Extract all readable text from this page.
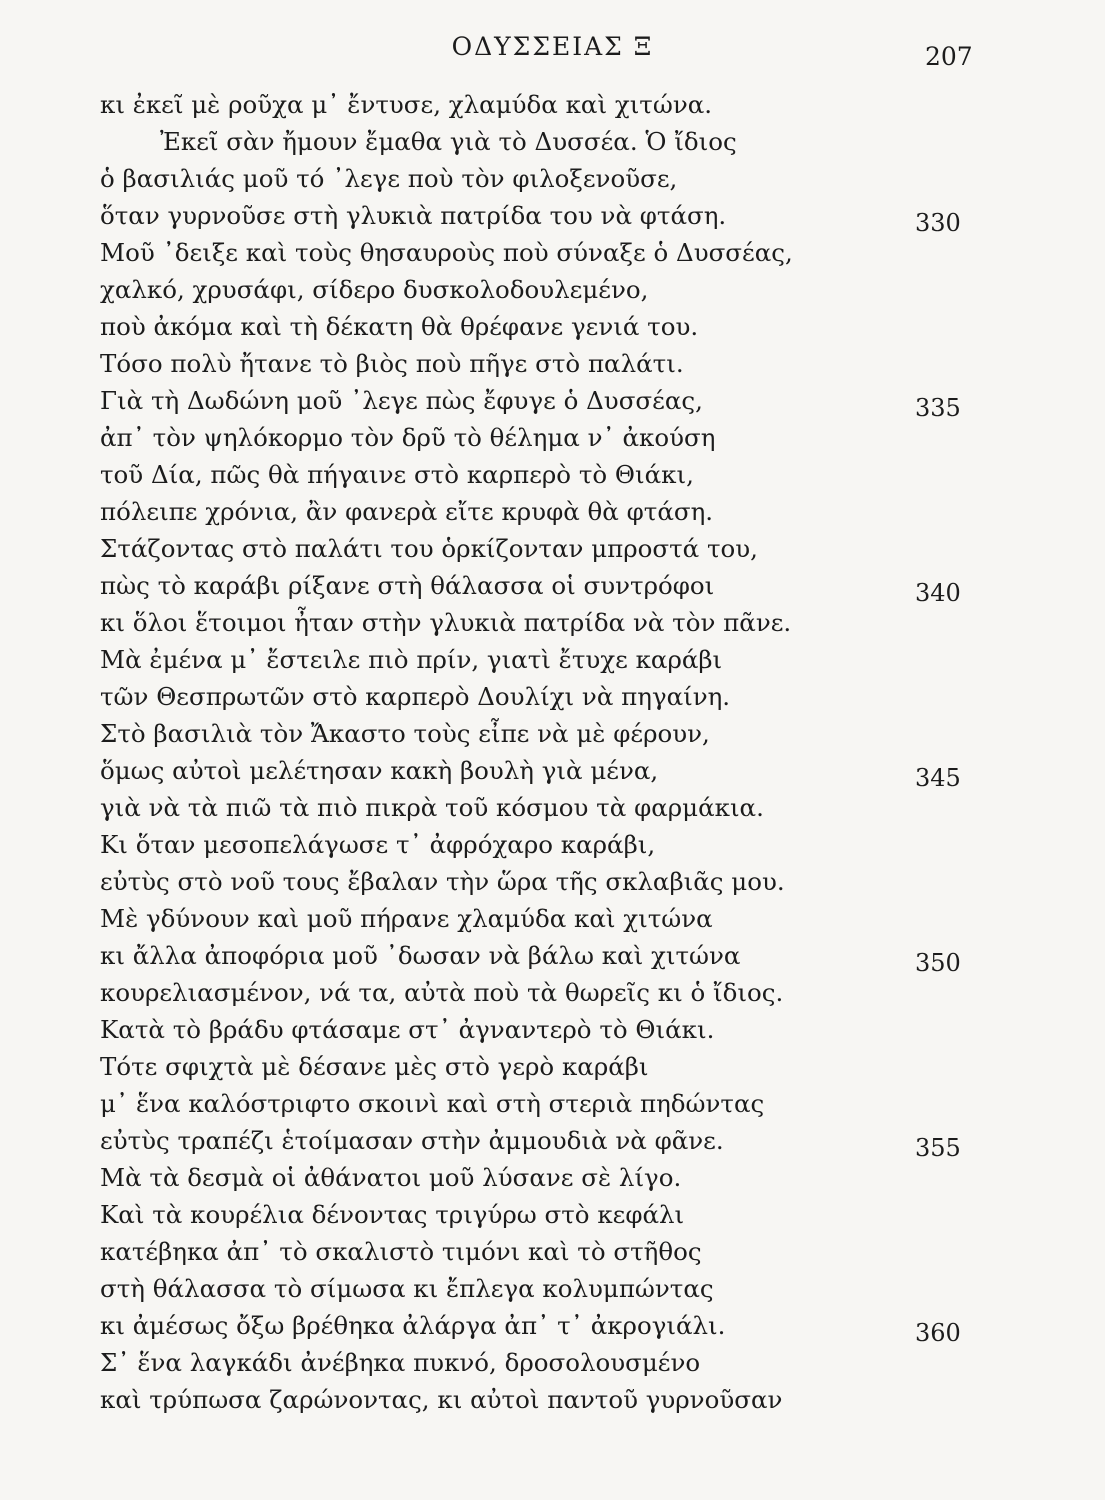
ΟΔΥΣΣΕΙΑΣ Ξ	207
κι ἐκεῖ μὲ ροῦχα μ᾽ ἔντυσε, χλαμύδα καὶ χιτώνα.
Ἐκεῖ σὰν ἤμουν ἔμαθα γιὰ τὸ Δυσσέα. Ὁ ἴδιος
ὁ βασιλιάς μοῦ τό ᾽λεγε ποὺ τὸν φιλοξενοῦσε,
ὅταν γυρνοῦσε στὴ γλυκιὰ πατρίδα του νὰ φτάση.
Μοῦ ᾽δειξε καὶ τοὺς θησαυροὺς ποὺ σύναξε ὁ Δυσσέας,
χαλκό, χρυσάφι, σίδερο δυσκολοδουλεμένο,
ποὺ ἀκόμα καὶ τὴ δέκατη θὰ θρέφανε γενιά του.
Τόσο πολὺ ἤτανε τὸ βιὸς ποὺ πῆγε στὸ παλάτι.
Γιὰ τὴ Δωδώνη μοῦ ᾽λεγε πὼς ἔφυγε ὁ Δυσσέας,
ἀπ᾽ τὸν ψηλόκορμο τὸν δρῦ τὸ θέλημα ν᾽ ἀκούση
τοῦ Δία, πῶς θὰ πήγαινε στὸ καρπερὸ τὸ Θιάκι,
πόλειπε χρόνια, ἂν φανερὰ εἴτε κρυφὰ θὰ φτάση.
Στάζοντας στὸ παλάτι του ὁρκίζονταν μπροστά του,
πὼς τὸ καράβι ρίξανε στὴ θάλασσα οἱ συντρόφοι
κι ὅλοι ἕτοιμοι ἦταν στὴν γλυκιὰ πατρίδα νὰ τὸν πᾶνε.
Μὰ ἐμένα μ᾽ ἔστειλε πιὸ πρίν, γιατὶ ἔτυχε καράβι
τῶν Θεσπρωτῶν στὸ καρπερὸ Δουλίχι νὰ πηγαίνη.
Στὸ βασιλιὰ τὸν Ἄκαστο τοὺς εἶπε νὰ μὲ φέρουν,
ὅμως αὐτοὶ μελέτησαν κακὴ βουλὴ γιὰ μένα,
γιὰ νὰ τὰ πιῶ τὰ πιὸ πικρὰ τοῦ κόσμου τὰ φαρμάκια.
Κι ὅταν μεσοπελάγωσε τ᾽ ἀφρόχαρο καράβι,
εὐτὺς στὸ νοῦ τους ἔβαλαν τὴν ὥρα τῆς σκλαβιᾶς μου.
Μὲ γδύνουν καὶ μοῦ πήρανε χλαμύδα καὶ χιτώνα
κι ἄλλα ἀποφόρια μοῦ ᾽δωσαν νὰ βάλω καὶ χιτώνα
κουρελιασμένον, νά τα, αὐτὰ ποὺ τὰ θωρεῖς κι ὁ ἴδιος.
Κατὰ τὸ βράδυ φτάσαμε στ᾽ ἀγναντερὸ τὸ Θιάκι.
Τότε σφιχτὰ μὲ δέσανε μὲς στὸ γερὸ καράβι
μ᾽ ἕνα καλόστριφτο σκοινὶ καὶ στὴ στεριὰ πηδώντας
εὐτὺς τραπέζι ἑτοίμασαν στὴν ἀμμουδιὰ νὰ φᾶνε.
Μὰ τὰ δεσμὰ οἱ ἀθάνατοι μοῦ λύσανε σὲ λίγο.
Καὶ τὰ κουρέλια δένοντας τριγύρω στὸ κεφάλι
κατέβηκα ἀπ᾽ τὸ σκαλιστὸ τιμόνι καὶ τὸ στῆθος
στὴ θάλασσα τὸ σίμωσα κι ἔπλεγα κολυμπώντας
κι ἀμέσως ὄξω βρέθηκα ἀλάργα ἀπ᾽ τ᾽ ἀκρογιάλι.
Σ᾽ ἕνα λαγκάδι ἀνέβηκα πυκνό, δροσολουσμένο
καὶ τρύπωσα ζαρώνοντας, κι αὐτοὶ παντοῦ γυρνοῦσαν
330
335
340
345
350
355
360
